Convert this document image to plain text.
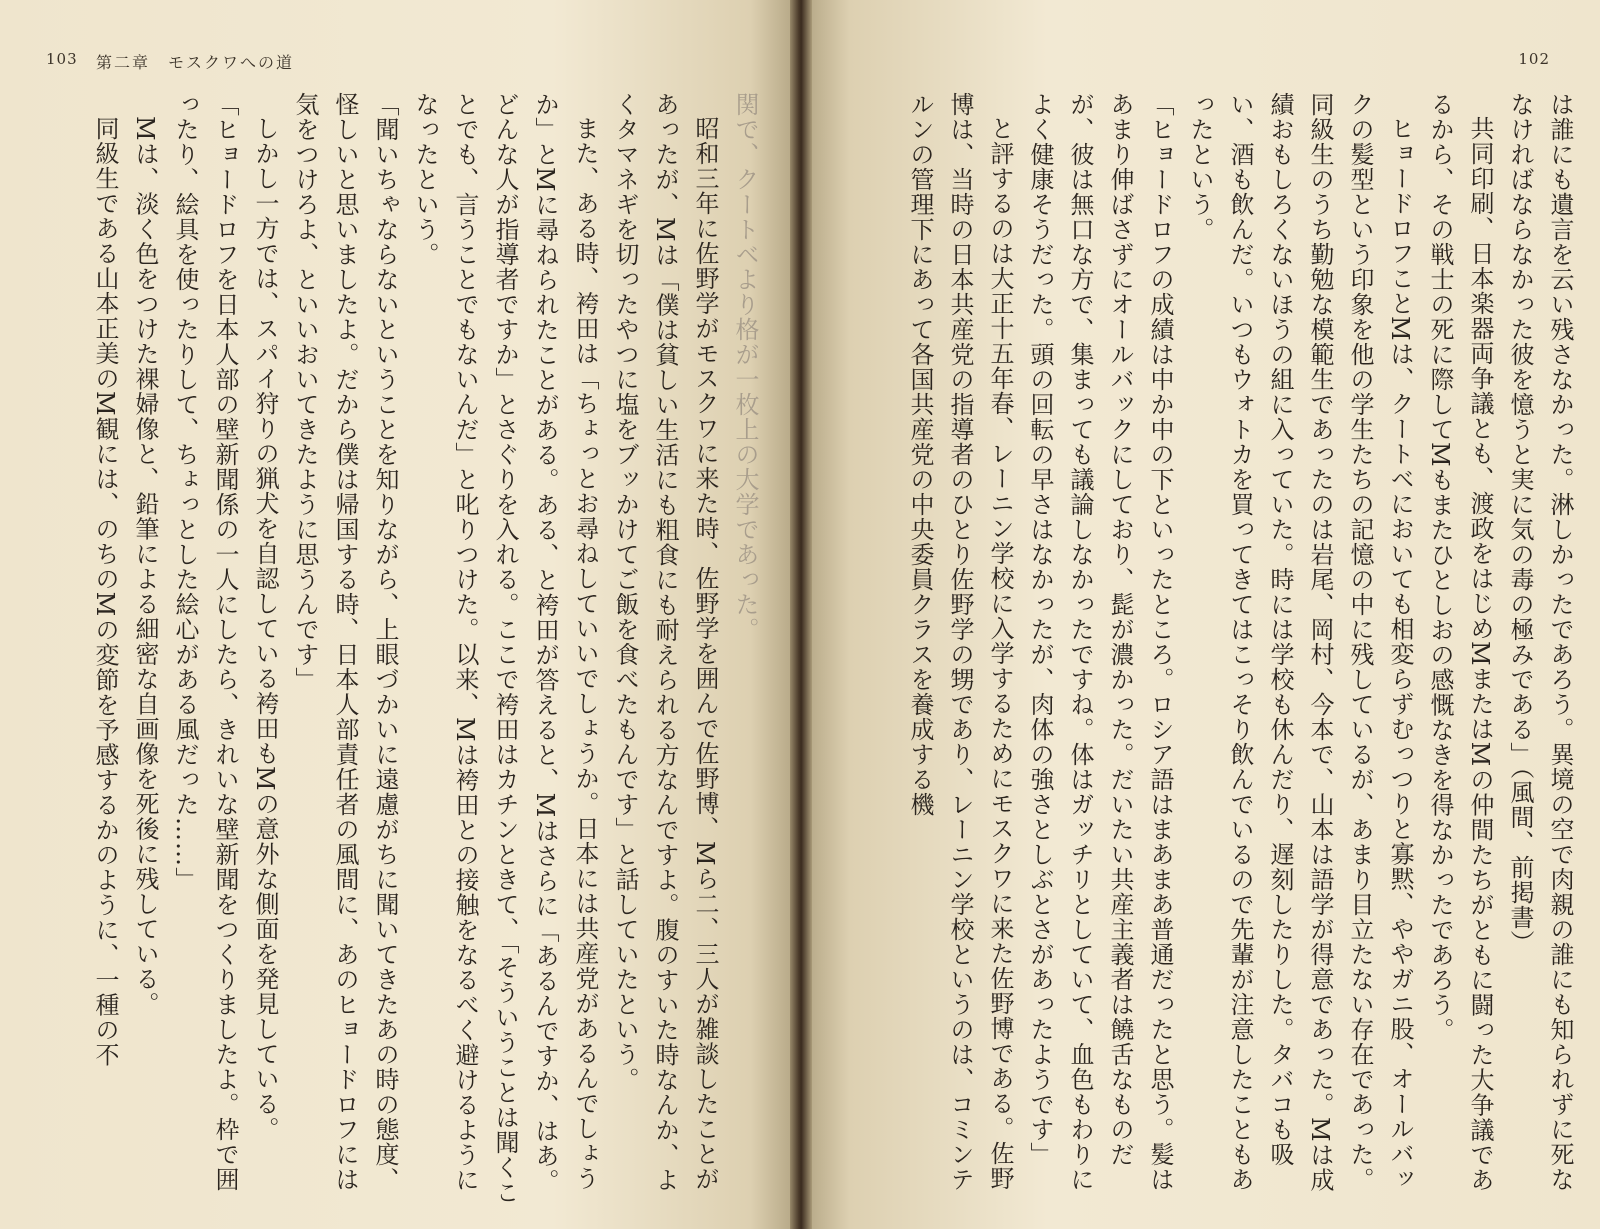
102

は誰にも遺言を云い残さなかった。淋しかったであろう。異境の空で肉親の誰にも知られずに死ななければならなかった彼を憶うと実に気の毒の極みである」（風間、前掲書）

共同印刷、日本楽器両争議とも、渡政をはじめMまたはMの仲間たちがともに闘った大争議であるから、その戦士の死に際してMもまたひとしおの感慨なきを得なかったであろう。

ヒョードロフことMは、クートベにおいても相変らずむっつりと寡黙、ややガニ股、オールバックの髪型という印象を他の学生たちの記憶の中に残しているが、あまり目立たない存在であった。同級生のうち勤勉な模範生であったのは岩尾、岡村、今本で、山本は語学が得意であった。Mは成績おもしろくないほうの組に入っていた。時には学校も休んだり、遅刻したりした。タバコも吸い、酒も飲んだ。いつもウォトカを買ってきてはこっそり飲んでいるので先輩が注意したこともあったという。

「ヒョードロフの成績は中か中の下といったところ。ロシア語はまあまあ普通だったと思う。髪はあまり伸ばさずにオールバックにしており、髭が濃かった。だいたい共産主義者は饒舌なものだが、彼は無口な方で、集まっても議論しなかったですね。体はガッチリとしていて、血色もわりによく健康そうだった。頭の回転の早さはなかったが、肉体の強さとしぶとさがあったようです」

と評するのは大正十五年春、レーニン学校に入学するためにモスクワに来た佐野博である。佐野博は、当時の日本共産党の指導者のひとり佐野学の甥であり、レーニン学校というのは、コミンテルンの管理下にあって各国共産党の中央委員クラスを養成する機

103 第二章　モスクワへの道

関で、クートベより格が一枚上の大学であった。

昭和三年に佐野学がモスクワに来た時、佐野学を囲んで佐野博、Mら二、三人が雑談したことがあったが、Mは「僕は貧しい生活にも粗食にも耐えられる方なんですよ。腹のすいた時なんか、よくタマネギを切ったやつに塩をブッかけてご飯を食べたもんです」と話していたという。

また、ある時、袴田は「ちょっとお尋ねしていいでしょうか。日本には共産党があるんでしょうか」とMに尋ねられたことがある。ある、と袴田が答えると、Mはさらに「あるんですか、はあ。どんな人が指導者ですか」とさぐりを入れる。ここで袴田はカチンときて、「そういうことは聞くことでも、言うことでもないんだ」と叱りつけた。以来、Mは袴田との接触をなるべく避けるようになったという。

「聞いちゃならないということを知りながら、上眼づかいに遠慮がちに聞いてきたあの時の態度、怪しいと思いましたよ。だから僕は帰国する時、日本人部責任者の風間に、あのヒョードロフには気をつけろよ、といいおいてきたように思うんです」

しかし一方では、スパイ狩りの猟犬を自認している袴田もMの意外な側面を発見している。

「ヒョードロフを日本人部の壁新聞係の一人にしたら、きれいな壁新聞をつくりましたよ。枠で囲ったり、絵具を使ったりして、ちょっとした絵心がある風だった……」

Mは、淡く色をつけた裸婦像と、鉛筆による細密な自画像を死後に残している。

同級生である山本正美のM観には、のちのMの変節を予感するかのように、一種の不
